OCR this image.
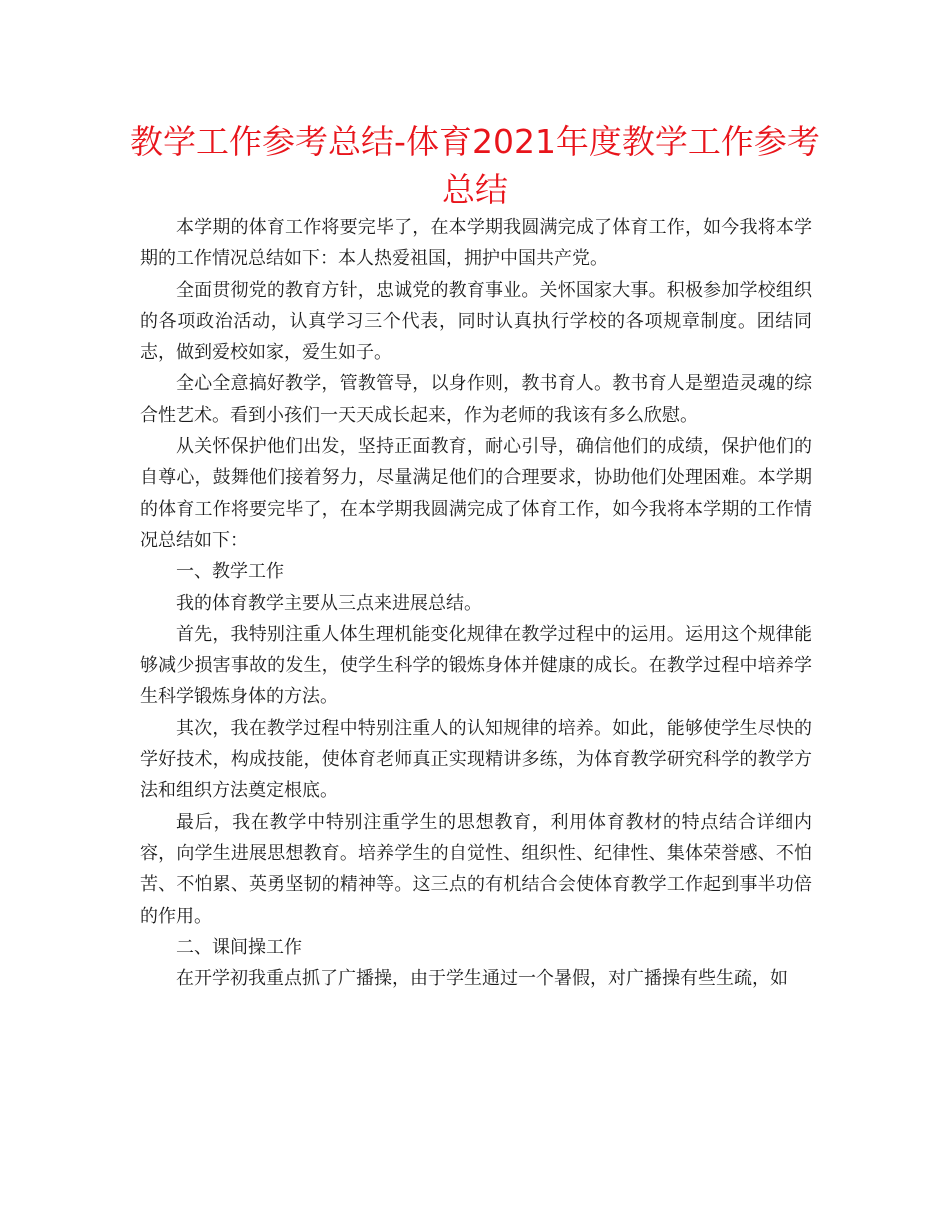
教学工作参考总结-体育2021年度教学工作参考总结

本学期的体育工作将要完毕了，在本学期我圆满完成了体育工作，如今我将本学期的工作情况总结如下：本人热爱祖国，拥护中国共产党。

全面贯彻党的教育方针，忠诚党的教育事业。关怀国家大事。积极参加学校组织的各项政治活动，认真学习三个代表，同时认真执行学校的各项规章制度。团结同志，做到爱校如家，爱生如子。

全心全意搞好教学，管教管导，以身作则，教书育人。教书育人是塑造灵魂的综合性艺术。看到小孩们一天天成长起来，作为老师的我该有多么欣慰。

从关怀保护他们出发，坚持正面教育，耐心引导，确信他们的成绩，保护他们的自尊心，鼓舞他们接着努力，尽量满足他们的合理要求，协助他们处理困难。本学期的体育工作将要完毕了，在本学期我圆满完成了体育工作，如今我将本学期的工作情况总结如下：

一、教学工作

我的体育教学主要从三点来进展总结。

首先，我特别注重人体生理机能变化规律在教学过程中的运用。运用这个规律能够减少损害事故的发生，使学生科学的锻炼身体并健康的成长。在教学过程中培养学生科学锻炼身体的方法。

其次，我在教学过程中特别注重人的认知规律的培养。如此，能够使学生尽快的学好技术，构成技能，使体育老师真正实现精讲多练，为体育教学研究科学的教学方法和组织方法奠定根底。

最后，我在教学中特别注重学生的思想教育，利用体育教材的特点结合详细内容，向学生进展思想教育。培养学生的自觉性、组织性、纪律性、集体荣誉感、不怕苦、不怕累、英勇坚韧的精神等。这三点的有机结合会使体育教学工作起到事半功倍的作用。

二、课间操工作

在开学初我重点抓了广播操，由于学生通过一个暑假，对广播操有些生疏，如
